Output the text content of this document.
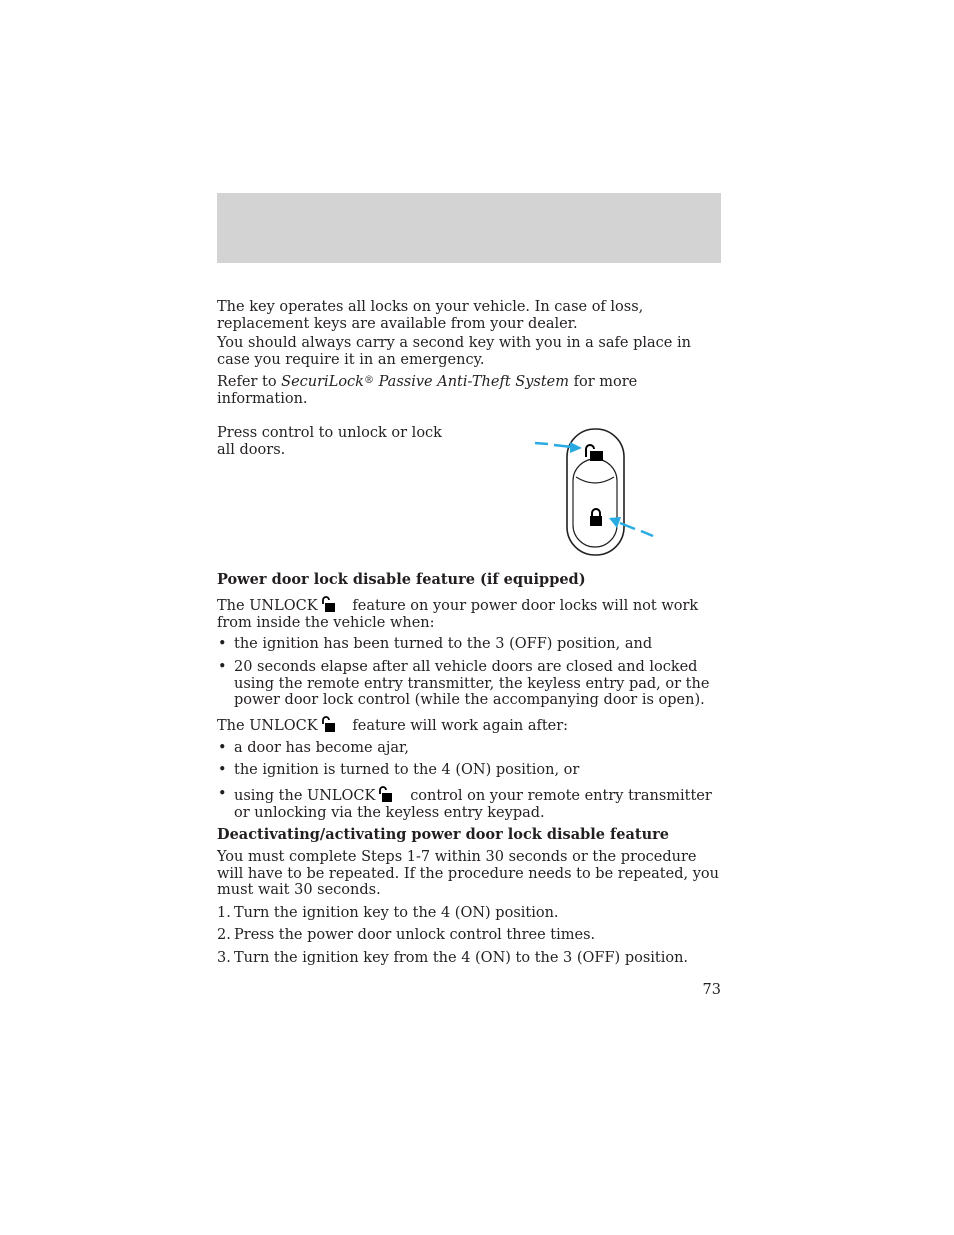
The key operates all locks on your vehicle. In case of loss, replacement keys are available from your dealer.

You should always carry a second key with you in a safe place in case you require it in an emergency.

Refer to SecuriLock® Passive Anti-Theft System for more information.

Press control to unlock or lock all doors.

Power door lock disable feature (if equipped)

The UNLOCK feature on your power door locks will not work from inside the vehicle when:

• the ignition has been turned to the 3 (OFF) position, and

• 20 seconds elapse after all vehicle doors are closed and locked using the remote entry transmitter, the keyless entry pad, or the power door lock control (while the accompanying door is open).

The UNLOCK feature will work again after:

• a door has become ajar,

• the ignition is turned to the 4 (ON) position, or

• using the UNLOCK control on your remote entry transmitter or unlocking via the keyless entry keypad.

Deactivating/activating power door lock disable feature

You must complete Steps 1-7 within 30 seconds or the procedure will have to be repeated. If the procedure needs to be repeated, you must wait 30 seconds.

1. Turn the ignition key to the 4 (ON) position.

2. Press the power door unlock control three times.

3. Turn the ignition key from the 4 (ON) to the 3 (OFF) position.

73
